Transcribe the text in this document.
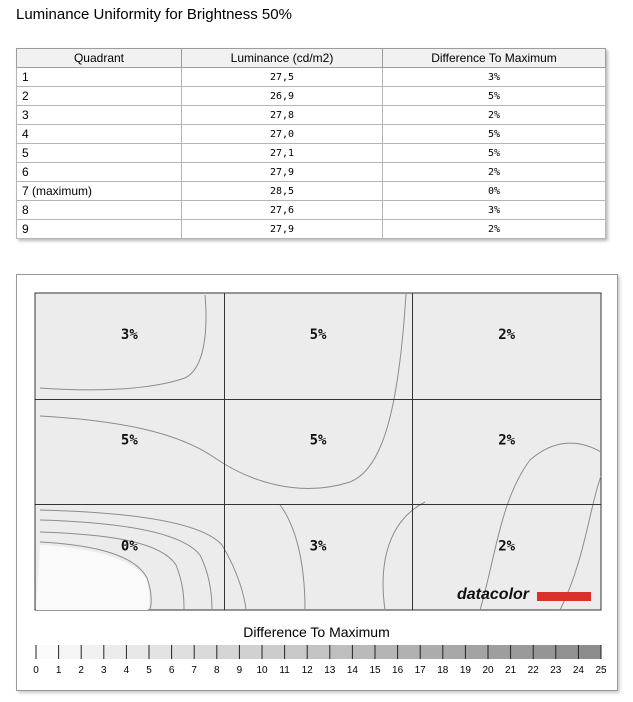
Luminance Uniformity for Brightness 50%
Quadrant	Luminance (cd/m2)	Difference To Maximum
1	27,5	3%
2	26,9	5%
3	27,8	2%
4	27,0	5%
5	27,1	5%
6	27,9	2%
7 (maximum)	28,5	0%
8	27,6	3%
9	27,9	2%
3%	5%	2%
5%	5%	2%
0%	3%	2%
datacolor
0 1 2 3 4 5 6 7 8 9 10 11 12 13 14 15 16 17 18 19 20 21 22 23 24 25
Difference To Maximum
